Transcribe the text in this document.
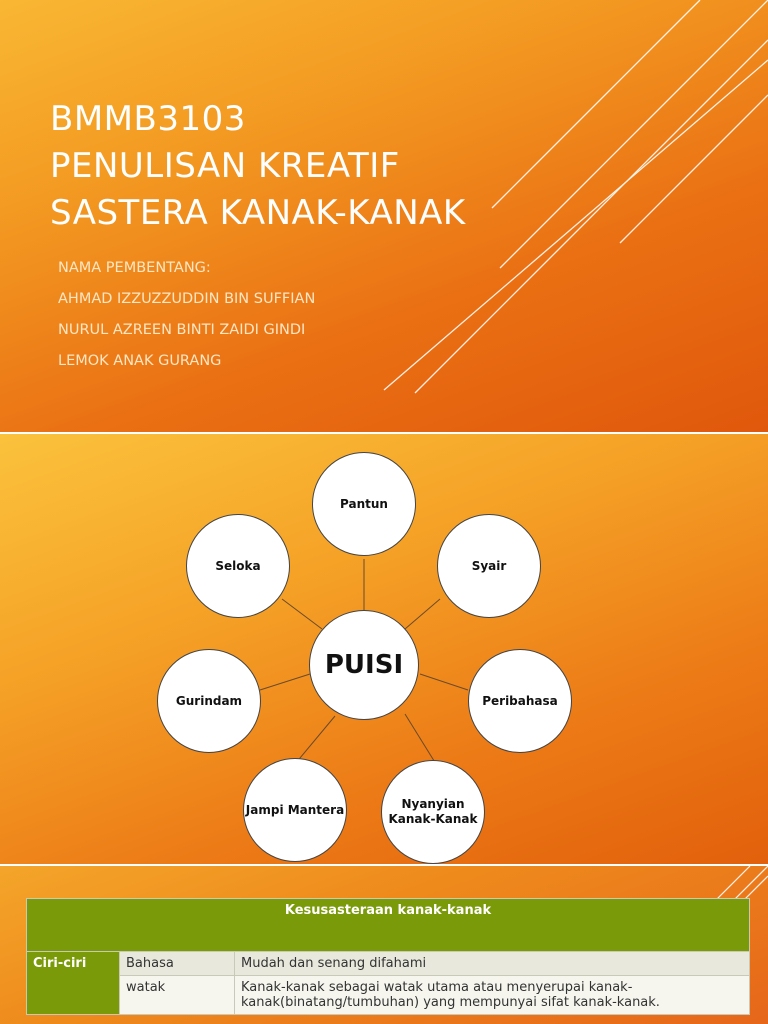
BMMB3103
PENULISAN KREATIF
SASTERA KANAK-KANAK
NAMA PEMBENTANG:
AHMAD IZZUZZUDDIN BIN SUFFIAN
NURUL AZREEN BINTI ZAIDI GINDI
LEMOK ANAK GURANG
Pantun
Syair
Peribahasa
Nyanyian Kanak-Kanak
Jampi Mantera
Gurindam
Seloka
PUISI
Kesusasteraan kanak-kanak		
Ciri-ciri	Bahasa	Mudah dan senang difahami
	watak	Kanak-kanak sebagai watak utama atau menyerupai kanak-kanak(binatang/tumbuhan) yang mempunyai sifat kanak-kanak.
